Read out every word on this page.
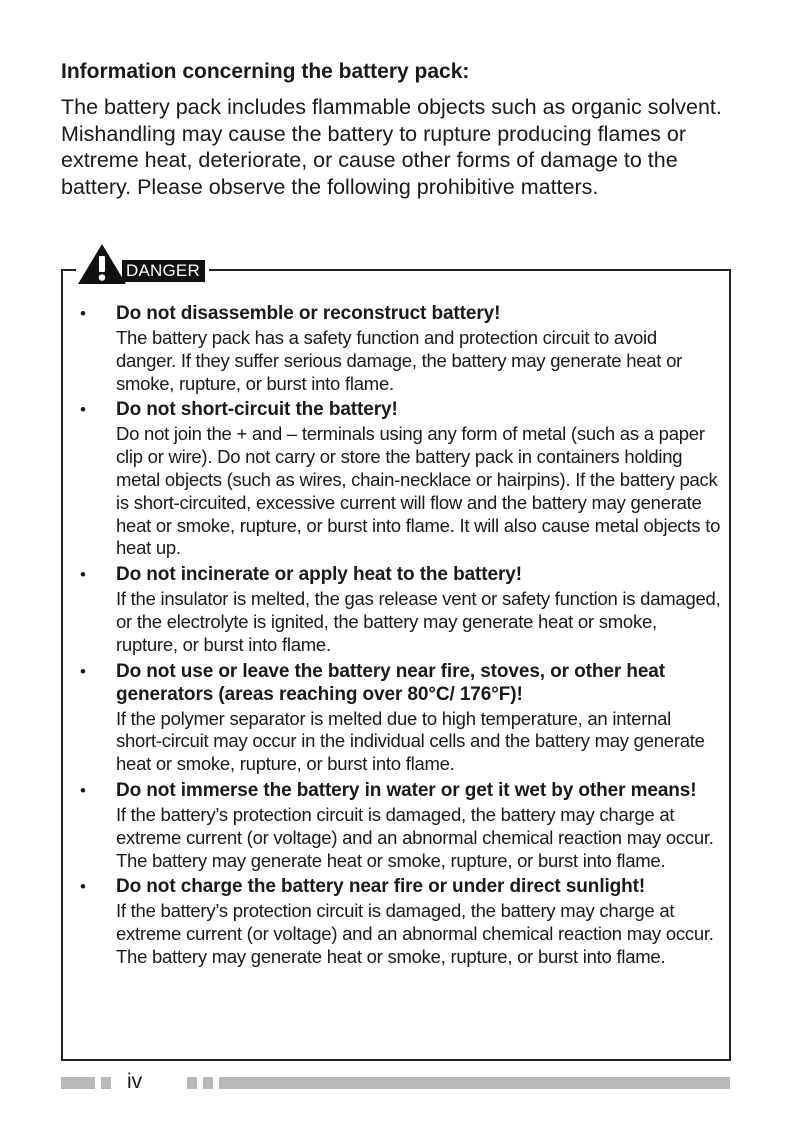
Information concerning the battery pack:

The battery pack includes flammable objects such as organic solvent. Mishandling may cause the battery to rupture producing flames or extreme heat, deteriorate, or cause other forms of damage to the battery. Please observe the following prohibitive matters.

DANGER
• Do not disassemble or reconstruct battery!

The battery pack has a safety function and protection circuit to avoid danger. If they suffer serious damage, the battery may generate heat or smoke, rupture, or burst into flame.

• Do not short-circuit the battery!

Do not join the + and – terminals using any form of metal (such as a paper clip or wire). Do not carry or store the battery pack in containers holding metal objects (such as wires, chain-necklace or hairpins). If the battery pack is short-circuited, excessive current will flow and the battery may generate heat or smoke, rupture, or burst into flame. It will also cause metal objects to heat up.

• Do not incinerate or apply heat to the battery!

If the insulator is melted, the gas release vent or safety function is damaged, or the electrolyte is ignited, the battery may generate heat or smoke, rupture, or burst into flame.

• Do not use or leave the battery near fire, stoves, or other heat generators (areas reaching over 80°C/ 176°F)!

If the polymer separator is melted due to high temperature, an internal short-circuit may occur in the individual cells and the battery may generate heat or smoke, rupture, or burst into flame.

• Do not immerse the battery in water or get it wet by other means!

If the battery’s protection circuit is damaged, the battery may charge at extreme current (or voltage) and an abnormal chemical reaction may occur. The battery may generate heat or smoke, rupture, or burst into flame.

• Do not charge the battery near fire or under direct sunlight!

If the battery’s protection circuit is damaged, the battery may charge at extreme current (or voltage) and an abnormal chemical reaction may occur. The battery may generate heat or smoke, rupture, or burst into flame.

iv
